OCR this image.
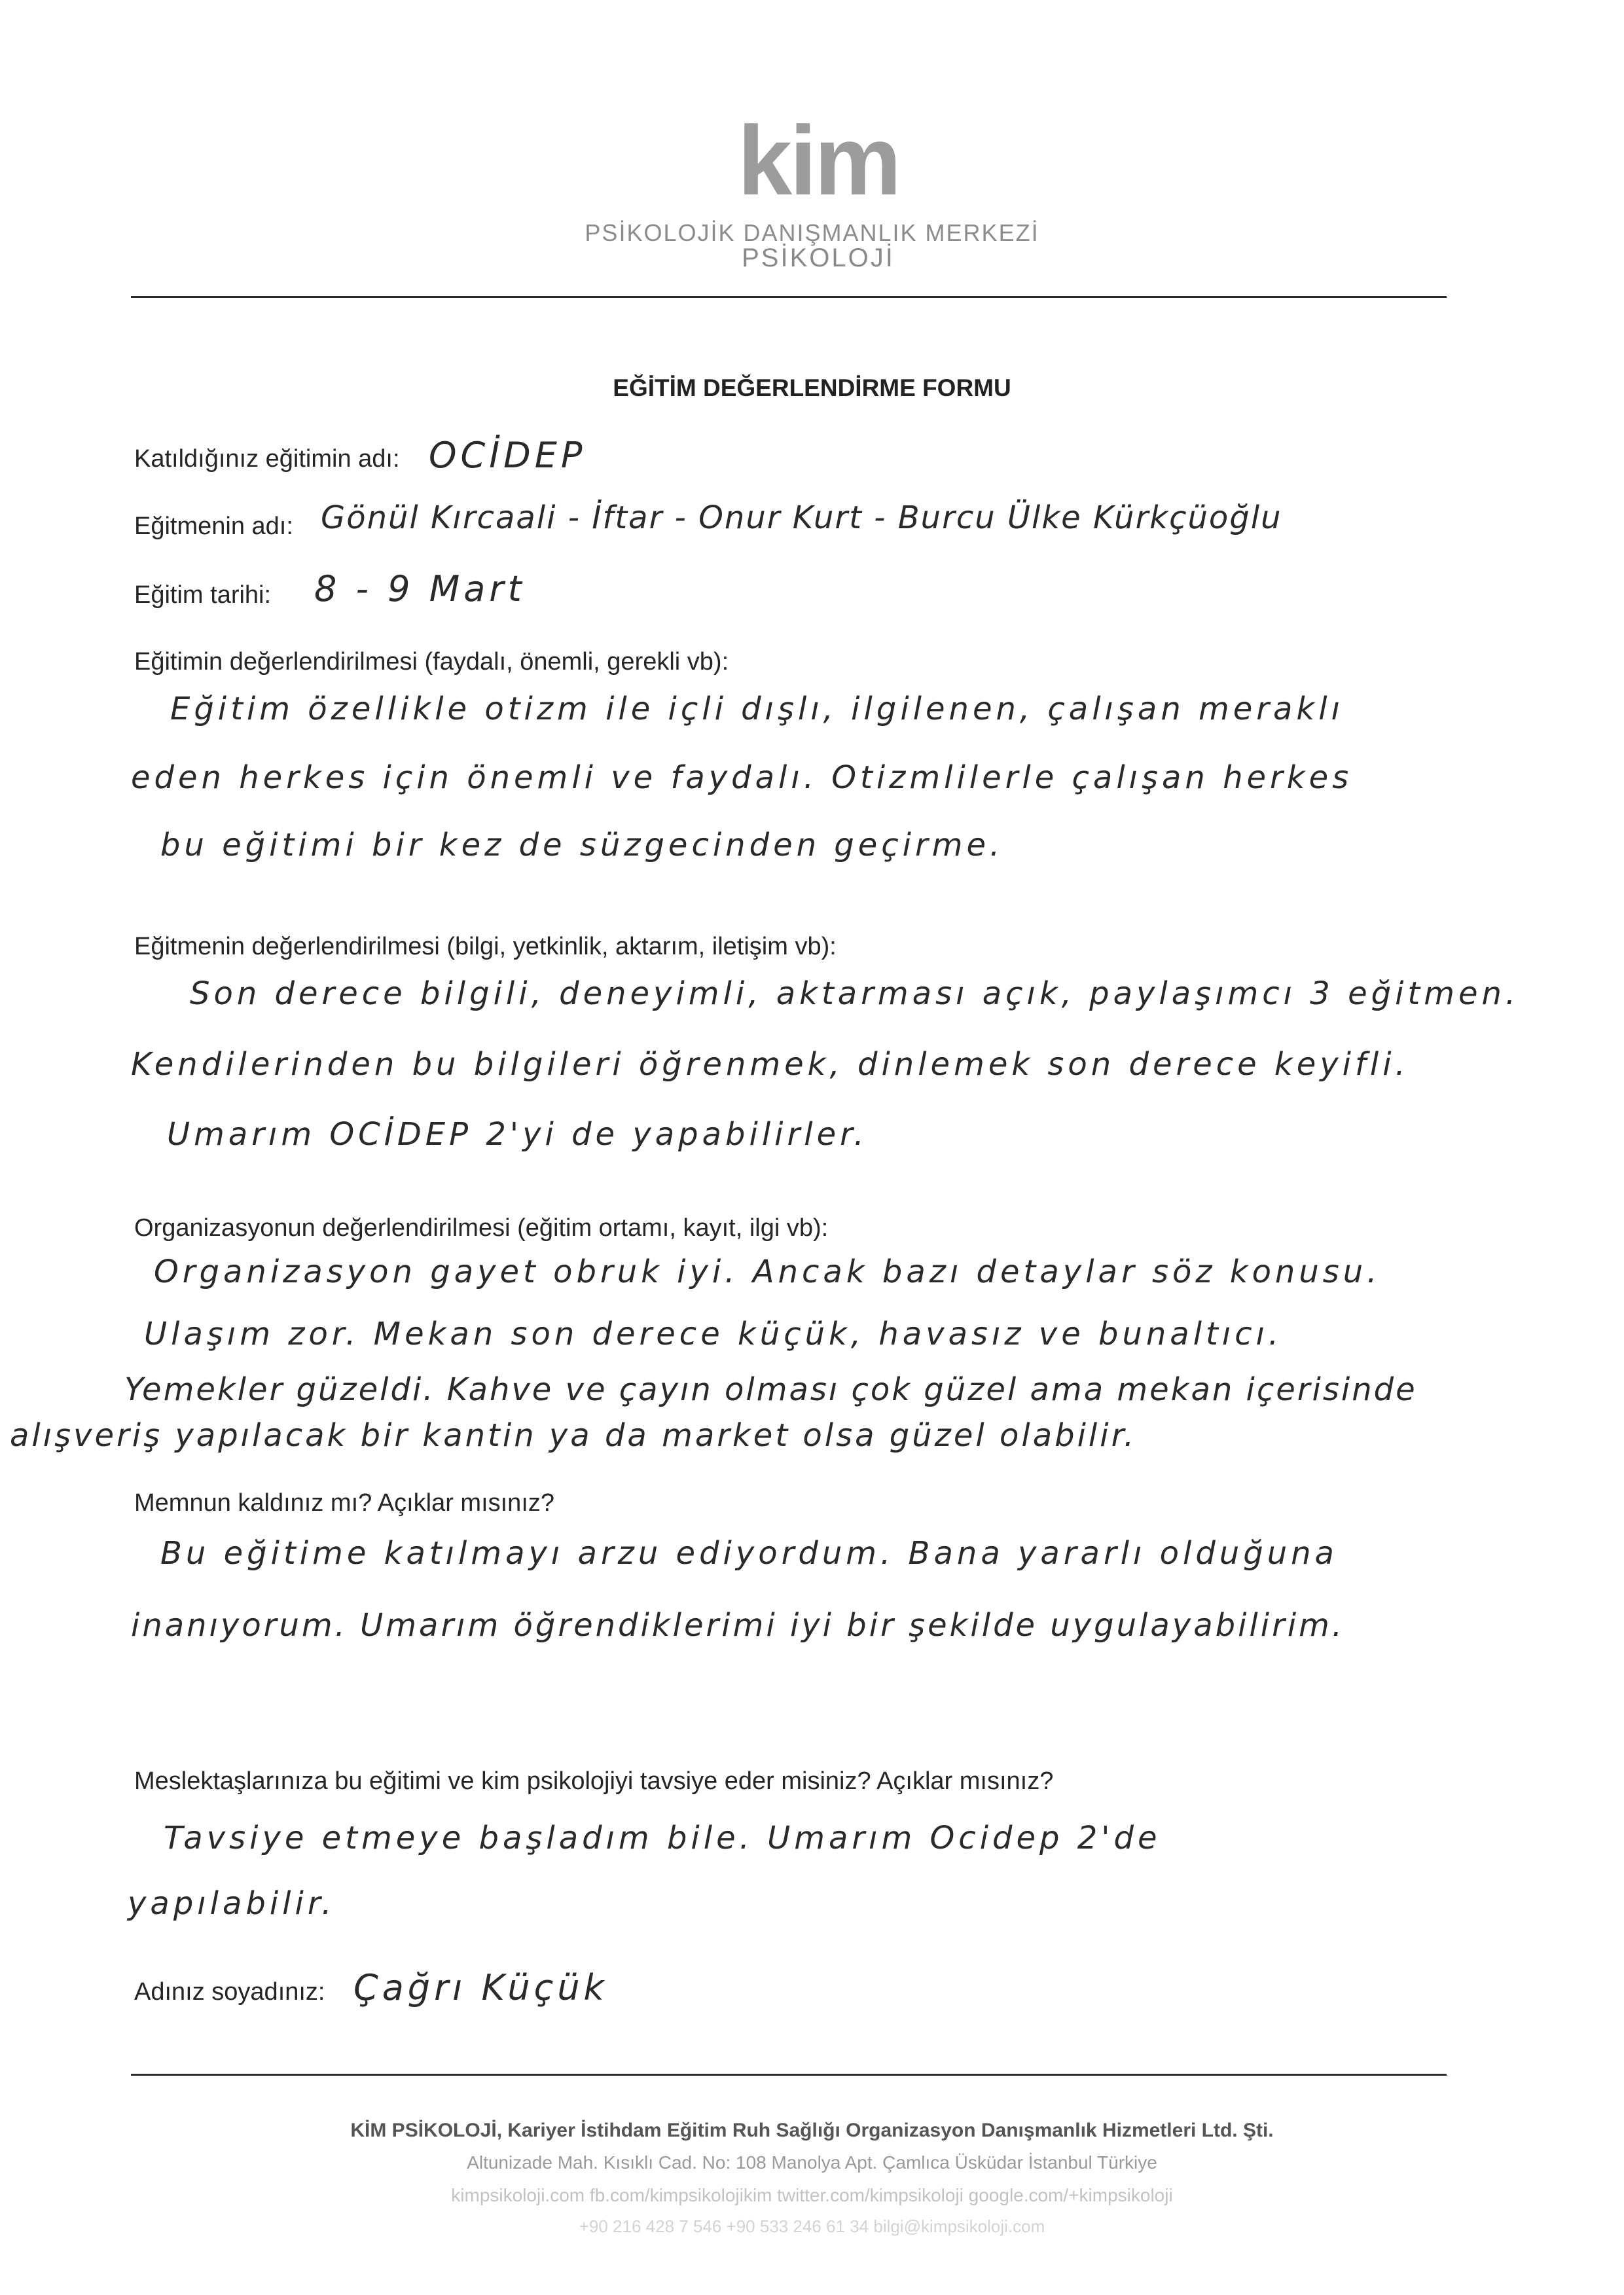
kim
PSİKOLOJİ
PSİKOLOJİK DANIŞMANLIK MERKEZİ
EĞİTİM DEĞERLENDİRME FORMU
Katıldığınız eğitimin adı: OCİDEP
Eğitmenin adı: Gönül Kırcaali - İftar - Onur Kurt - Burcu Ülke Kürkçüoğlu
Eğitim tarihi: 8 - 9 Mart
Eğitimin değerlendirilmesi (faydalı, önemli, gerekli vb):
Eğitim özellikle otizm ile içli dışlı, ilgilenen, çalışan meraklı
eden herkes için önemli ve faydalı. Otizmlilerle çalışan herkes
bu eğitimi bir kez de süzgecinden geçirme.
Eğitmenin değerlendirilmesi (bilgi, yetkinlik, aktarım, iletişim vb):
Son derece bilgili, deneyimli, aktarması açık, paylaşımcı 3 eğitmen.
Kendilerinden bu bilgileri öğrenmek, dinlemek son derece keyifli.
Umarım OCİDEP 2'yi de yapabilirler.
Organizasyonun değerlendirilmesi (eğitim ortamı, kayıt, ilgi vb):
Organizasyon gayet obruk iyi. Ancak bazı detaylar söz konusu.
Ulaşım zor. Mekan son derece küçük, havasız ve bunaltıcı.
Yemekler güzeldi. Kahve ve çayın olması çok güzel ama mekan içerisinde
alışveriş yapılacak bir kantin ya da market olsa güzel olabilir.
Memnun kaldınız mı? Açıklar mısınız?
Bu eğitime katılmayı arzu ediyordum. Bana yararlı olduğuna
inanıyorum. Umarım öğrendiklerimi iyi bir şekilde uygulayabilirim.
Meslektaşlarınıza bu eğitimi ve kim psikolojiyi tavsiye eder misiniz? Açıklar mısınız?
Tavsiye etmeye başladım bile. Umarım Ocidep 2'de
yapılabilir.
Adınız soyadınız: Çağrı Küçük
KİM PSİKOLOJİ, Kariyer İstihdam Eğitim Ruh Sağlığı Organizasyon Danışmanlık Hizmetleri Ltd. Şti.
Altunizade Mah. Kısıklı Cad. No: 108 Manolya Apt. Çamlıca Üsküdar İstanbul Türkiye
kimpsikoloji.com fb.com/kimpsikolojikim twitter.com/kimpsikoloji google.com/+kimpsikoloji
+90 216 428 7 546 +90 533 246 61 34 bilgi@kimpsikoloji.com
